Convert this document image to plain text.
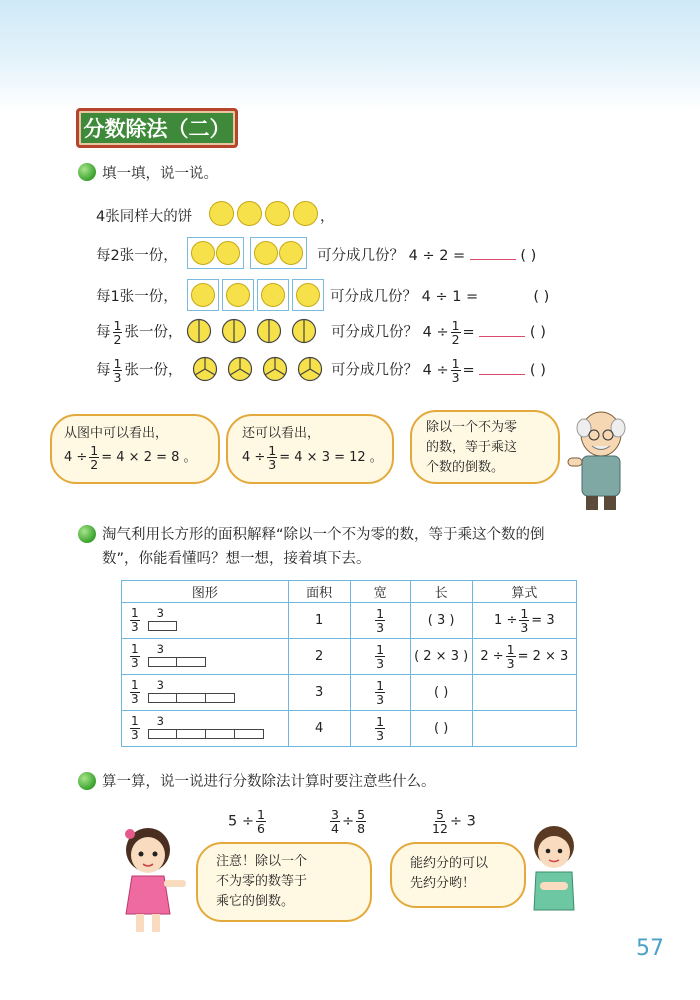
分数除法（二）
填一填，说一说。
4张同样大的饼	，
每2张一份，	可分成几份？ 4 ÷ 2 =	( )
每1张一份，	可分成几份？ 4 ÷ 1 =	( )
每 $\frac{1}{2}$ 张一份，	可分成几份？ $4 \div \frac{1}{2}$ =	( )
每 $\frac{1}{3}$ 张一份，	可分成几份？ $4 \div \frac{1}{3}$ =	( )
从图中可以看出，
$4 \div \frac{1}{2} = 4 \times 2 = 8$ 。
还可以看出，
$4 \div \frac{1}{3} = 4 \times 3 = 12$ 。
除以一个不为零
的数，等于乘这
个数的倒数。
淘气利用长方形的面积解释“除以一个不为零的数，等于乘这个数的倒
数”，你能看懂吗？想一想，接着填下去。
图形	面积	宽	长	算式

$\frac{1}{3} 3$	1	$\frac{1}{3}$	( 3 )	$1 \div \frac{1}{3} = 3$

$\frac{1}{3} 3$	2	$\frac{1}{3}$	( 2 × 3 )	$2 \div \frac{1}{3} = 2 \times 3$

$\frac{1}{3} 3$	3	$\frac{1}{3}$	( )	

$\frac{1}{3} 3$	4	$\frac{1}{3}$	( )	
算一算，说一说进行分数除法计算时要注意些什么。
$5 \div \frac{1}{6}$	$\frac{3}{4} \div \frac{5}{8}$	$\frac{5}{12} \div 3$
注意！除以一个
不为零的数等于
乘它的倒数。
能约分的可以
先约分哟！
57
